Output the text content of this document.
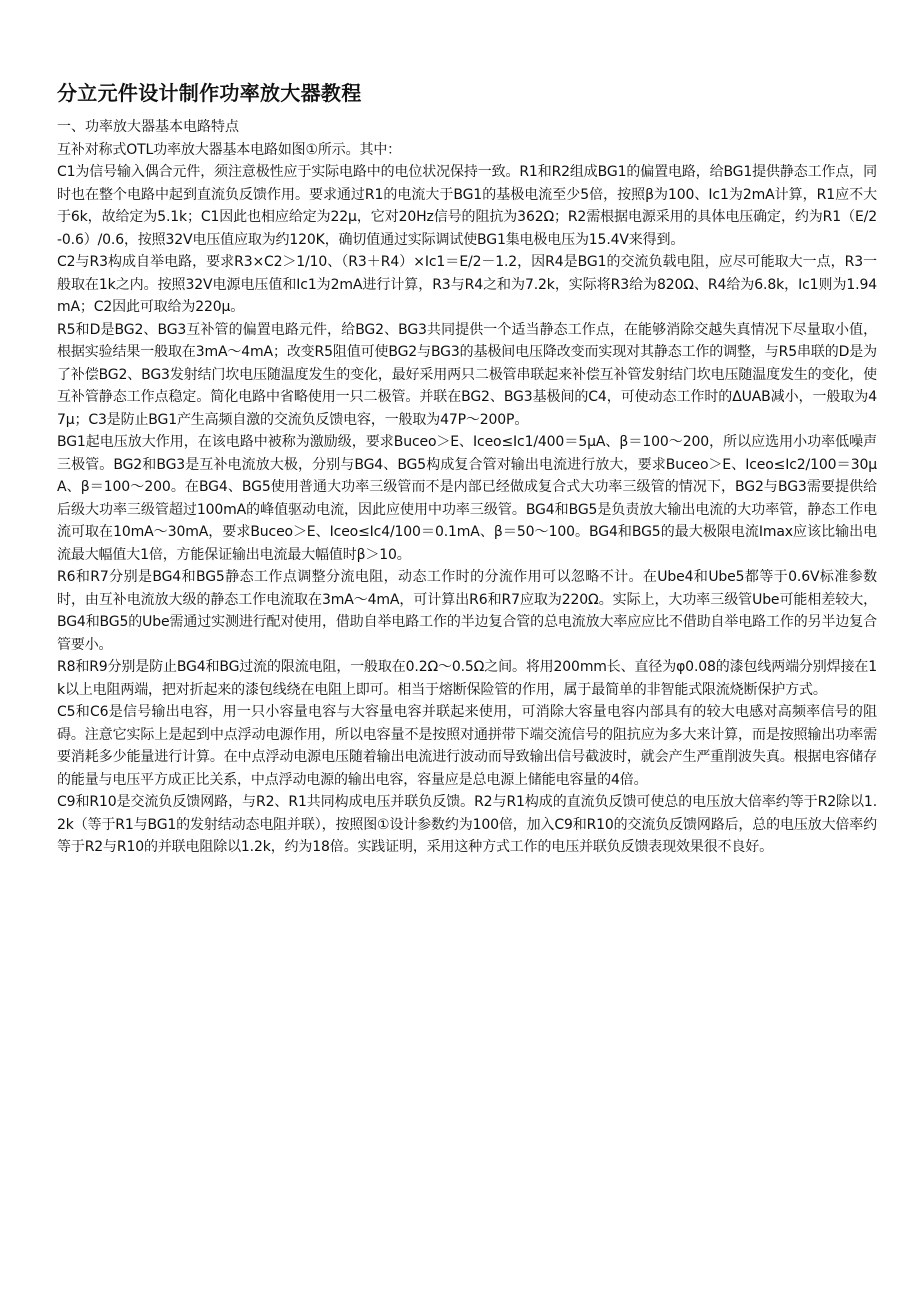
分立元件设计制作功率放大器教程

一、功率放大器基本电路特点

互补对称式OTL功率放大器基本电路如图①所示。其中：

C1为信号输入偶合元件，须注意极性应于实际电路中的电位状况保持一致。R1和R2组成BG1的偏置电路，给BG1提供静态工作点，同时也在整个电路中起到直流负反馈作用。要求通过R1的电流大于BG1的基极电流至少5倍，按照β为100、Ic1为2mA计算，R1应不大于6k，故给定为5.1k；C1因此也相应给定为22μ，它对20Hz信号的阻抗为362Ω；R2需根据电源采用的具体电压确定，约为R1（E/2-0.6）/0.6，按照32V电压值应取为约120K，确切值通过实际调试使BG1集电极电压为15.4V来得到。

C2与R3构成自举电路，要求R3×C2＞1/10、（R3＋R4）×Ic1＝E/2－1.2，因R4是BG1的交流负载电阻，应尽可能取大一点，R3一般取在1k之内。按照32V电源电压值和Ic1为2mA进行计算，R3与R4之和为7.2k，实际将R3给为820Ω、R4给为6.8k，Ic1则为1.94mA；C2因此可取给为220μ。

R5和D是BG2、BG3互补管的偏置电路元件，给BG2、BG3共同提供一个适当静态工作点，在能够消除交越失真情况下尽量取小值，根据实验结果一般取在3mA～4mA；改变R5阻值可使BG2与BG3的基极间电压降改变而实现对其静态工作的调整，与R5串联的D是为了补偿BG2、BG3发射结门坎电压随温度发生的变化，最好采用两只二极管串联起来补偿互补管发射结门坎电压随温度发生的变化，使互补管静态工作点稳定。简化电路中省略使用一只二极管。并联在BG2、BG3基极间的C4，可使动态工作时的ΔUAB减小，一般取为47μ；C3是防止BG1产生高频自激的交流负反馈电容，一般取为47P～200P。

BG1起电压放大作用，在该电路中被称为激励级，要求Buceo＞E、Iceo≤Ic1/400＝5μA、β＝100～200，所以应选用小功率低噪声三极管。BG2和BG3是互补电流放大极，分别与BG4、BG5构成复合管对输出电流进行放大，要求Buceo＞E、Iceo≤Ic2/100＝30μA、β＝100～200。在BG4、BG5使用普通大功率三级管而不是内部已经做成复合式大功率三级管的情况下，BG2与BG3需要提供给后级大功率三级管超过100mA的峰值驱动电流，因此应使用中功率三级管。BG4和BG5是负责放大输出电流的大功率管，静态工作电流可取在10mA～30mA，要求Buceo＞E、Iceo≤Ic4/100＝0.1mA、β＝50～100。BG4和BG5的最大极限电流Imax应该比输出电流最大幅值大1倍，方能保证输出电流最大幅值时β＞10。

R6和R7分别是BG4和BG5静态工作点调整分流电阻，动态工作时的分流作用可以忽略不计。在Ube4和Ube5都等于0.6V标准参数时，由互补电流放大级的静态工作电流取在3mA～4mA，可计算出R6和R7应取为220Ω。实际上，大功率三级管Ube可能相差较大，BG4和BG5的Ube需通过实测进行配对使用，借助自举电路工作的半边复合管的总电流放大率应应比不借助自举电路工作的另半边复合管要小。

R8和R9分别是防止BG4和BG过流的限流电阻，一般取在0.2Ω～0.5Ω之间。将用200mm长、直径为φ0.08的漆包线两端分别焊接在1k以上电阻两端，把对折起来的漆包线绕在电阻上即可。相当于熔断保险管的作用，属于最简单的非智能式限流烧断保护方式。

C5和C6是信号输出电容，用一只小容量电容与大容量电容并联起来使用，可消除大容量电容内部具有的较大电感对高频率信号的阻碍。注意它实际上是起到中点浮动电源作用，所以电容量不是按照对通拼带下端交流信号的阻抗应为多大来计算，而是按照输出功率需要消耗多少能量进行计算。在中点浮动电源电压随着输出电流进行波动而导致输出信号截波时，就会产生严重削波失真。根据电容储存的能量与电压平方成正比关系，中点浮动电源的输出电容，容量应是总电源上储能电容量的4倍。

C9和R10是交流负反馈网路，与R2、R1共同构成电压并联负反馈。R2与R1构成的直流负反馈可使总的电压放大倍率约等于R2除以1.2k（等于R1与BG1的发射结动态电阻并联），按照图①设计参数约为100倍，加入C9和R10的交流负反馈网路后，总的电压放大倍率约等于R2与R10的并联电阻除以1.2k，约为18倍。实践证明，采用这种方式工作的电压并联负反馈表现效果很不良好。
